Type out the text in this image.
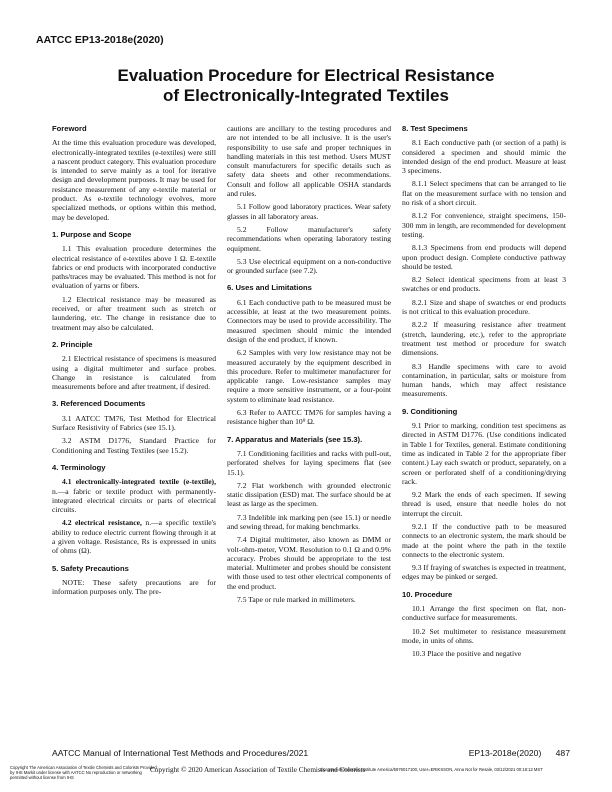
AATCC EP13-2018e(2020)
Evaluation Procedure for Electrical Resistance
of Electronically-Integrated Textiles
Foreword

At the time this evaluation procedure was developed, electronically-integrated textiles (e-textiles) were still a nascent product category. This evaluation procedure is intended to serve mainly as a tool for iterative design and development purposes. It may be used for resistance measurement of any e-textile material or product. As e-textile technology evolves, more specialized methods, or options within this method, may be developed.

1. Purpose and Scope

1.1 This evaluation procedure determines the electrical resistance of e-textiles above 1 Ω. E-textile fabrics or end products with incorporated conductive paths/traces may be evaluated. This method is not for evaluation of yarns or fibers.

1.2 Electrical resistance may be measured as received, or after treatment such as stretch or laundering, etc. The change in resistance due to treatment may also be calculated.

2. Principle

2.1 Electrical resistance of specimens is measured using a digital multimeter and surface probes. Change in resistance is calculated from measurements before and after treatment, if desired.

3. Referenced Documents

3.1 AATCC TM76, Test Method for Electrical Surface Resistivity of Fabrics (see 15.1).

3.2 ASTM D1776, Standard Practice for Conditioning and Testing Textiles (see 15.2).

4. Terminology

4.1 electronically-integrated textile (e-textile), n.—a fabric or textile product with permanently-integrated electrical circuits or parts of electrical circuits.

4.2 electrical resistance, n.—a specific textile's ability to reduce electric current flowing through it at a given voltage. Resistance, Rs is expressed in units of ohms (Ω).

5. Safety Precautions

NOTE: These safety precautions are for information purposes only. The pre-

cautions are ancillary to the testing procedures and are not intended to be all inclusive. It is the user's responsibility to use safe and proper techniques in handling materials in this test method. Users MUST consult manufacturers for specific details such as safety data sheets and other recommendations. Consult and follow all applicable OSHA standards and rules.

5.1 Follow good laboratory practices. Wear safety glasses in all laboratory areas.

5.2 Follow manufacturer's safety recommendations when operating laboratory testing equipment.

5.3 Use electrical equipment on a non-conductive or grounded surface (see 7.2).

6. Uses and Limitations

6.1 Each conductive path to be measured must be accessible, at least at the two measurement points. Connectors may be used to provide accessibility. The measured specimen should mimic the intended design of the end product, if known.

6.2 Samples with very low resistance may not be measured accurately by the equipment described in this procedure. Refer to multimeter manufacturer for applicable range. Low-resistance samples may require a more sensitive instrument, or a four-point system to eliminate lead resistance.

6.3 Refer to AATCC TM76 for samples having a resistance higher than 10⁹ Ω.

7. Apparatus and Materials (see 15.3).

7.1 Conditioning facilities and racks with pull-out, perforated shelves for laying specimens flat (see 15.1).

7.2 Flat workbench with grounded electronic static dissipation (ESD) mat. The surface should be at least as large as the specimen.

7.3 Indelible ink marking pen (see 15.1) or needle and sewing thread, for making benchmarks.

7.4 Digital multimeter, also known as DMM or volt-ohm-meter, VOM. Resolution to 0.1 Ω and 0.9% accuracy. Probes should be appropriate to the test material. Multimeter and probes should be consistent with those used to test other electrical components of the end product.

7.5 Tape or rule marked in millimeters.

8. Test Specimens

8.1 Each conductive path (or section of a path) is considered a specimen and should mimic the intended design of the end product. Measure at least 3 specimens.

8.1.1 Select specimens that can be arranged to lie flat on the measurement surface with no tension and no risk of a short circuit.

8.1.2 For convenience, straight specimens, 150-300 mm in length, are recommended for development testing.

8.1.3 Specimens from end products will depend upon product design. Complete conductive pathway should be tested.

8.2 Select identical specimens from at least 3 swatches or end products.

8.2.1 Size and shape of swatches or end products is not critical to this evaluation procedure.

8.2.2 If measuring resistance after treatment (stretch, laundering, etc.), refer to the appropriate treatment test method or procedure for swatch dimensions.

8.3 Handle specimens with care to avoid contamination, in particular, salts or moisture from human hands, which may affect resistance measurements.

9. Conditioning

9.1 Prior to marking, condition test specimens as directed in ASTM D1776. (Use conditions indicated in Table 1 for Textiles, general. Estimate conditioning time as indicated in Table 2 for the appropriate fiber content.) Lay each swatch or product, separately, on a screen or perforated shelf of a conditioning/drying rack.

9.2 Mark the ends of each specimen. If sewing thread is used, ensure that needle holes do not interrupt the circuit.

9.2.1 If the conductive path to be measured connects to an electronic system, the mark should be made at the point where the path in the textile connects to the electronic system.

9.3 If fraying of swatches is expected in treatment, edges may be pinked or serged.

10. Procedure

10.1 Arrange the first specimen on flat, non-conductive surface for measurements.

10.2 Set multimeter to resistance measurement mode, in units of ohms.

10.3 Place the positive and negative

AATCC Manual of International Test Methods and Procedures/2021	EP13-2018e(2020) 487
Copyright The American Association of Textile Chemists and Colorists Provided by IHS Markit under license with AATCC No reproduction or networking permitted without license from IHS
Copyright © 2020 American Association of Textile Chemists and Colorists
Licensee=Hohenstein Institute America/5976017100, User=ERIKSSON, Anna Not for Resale, 03/12/2021 00:18:12 MST
